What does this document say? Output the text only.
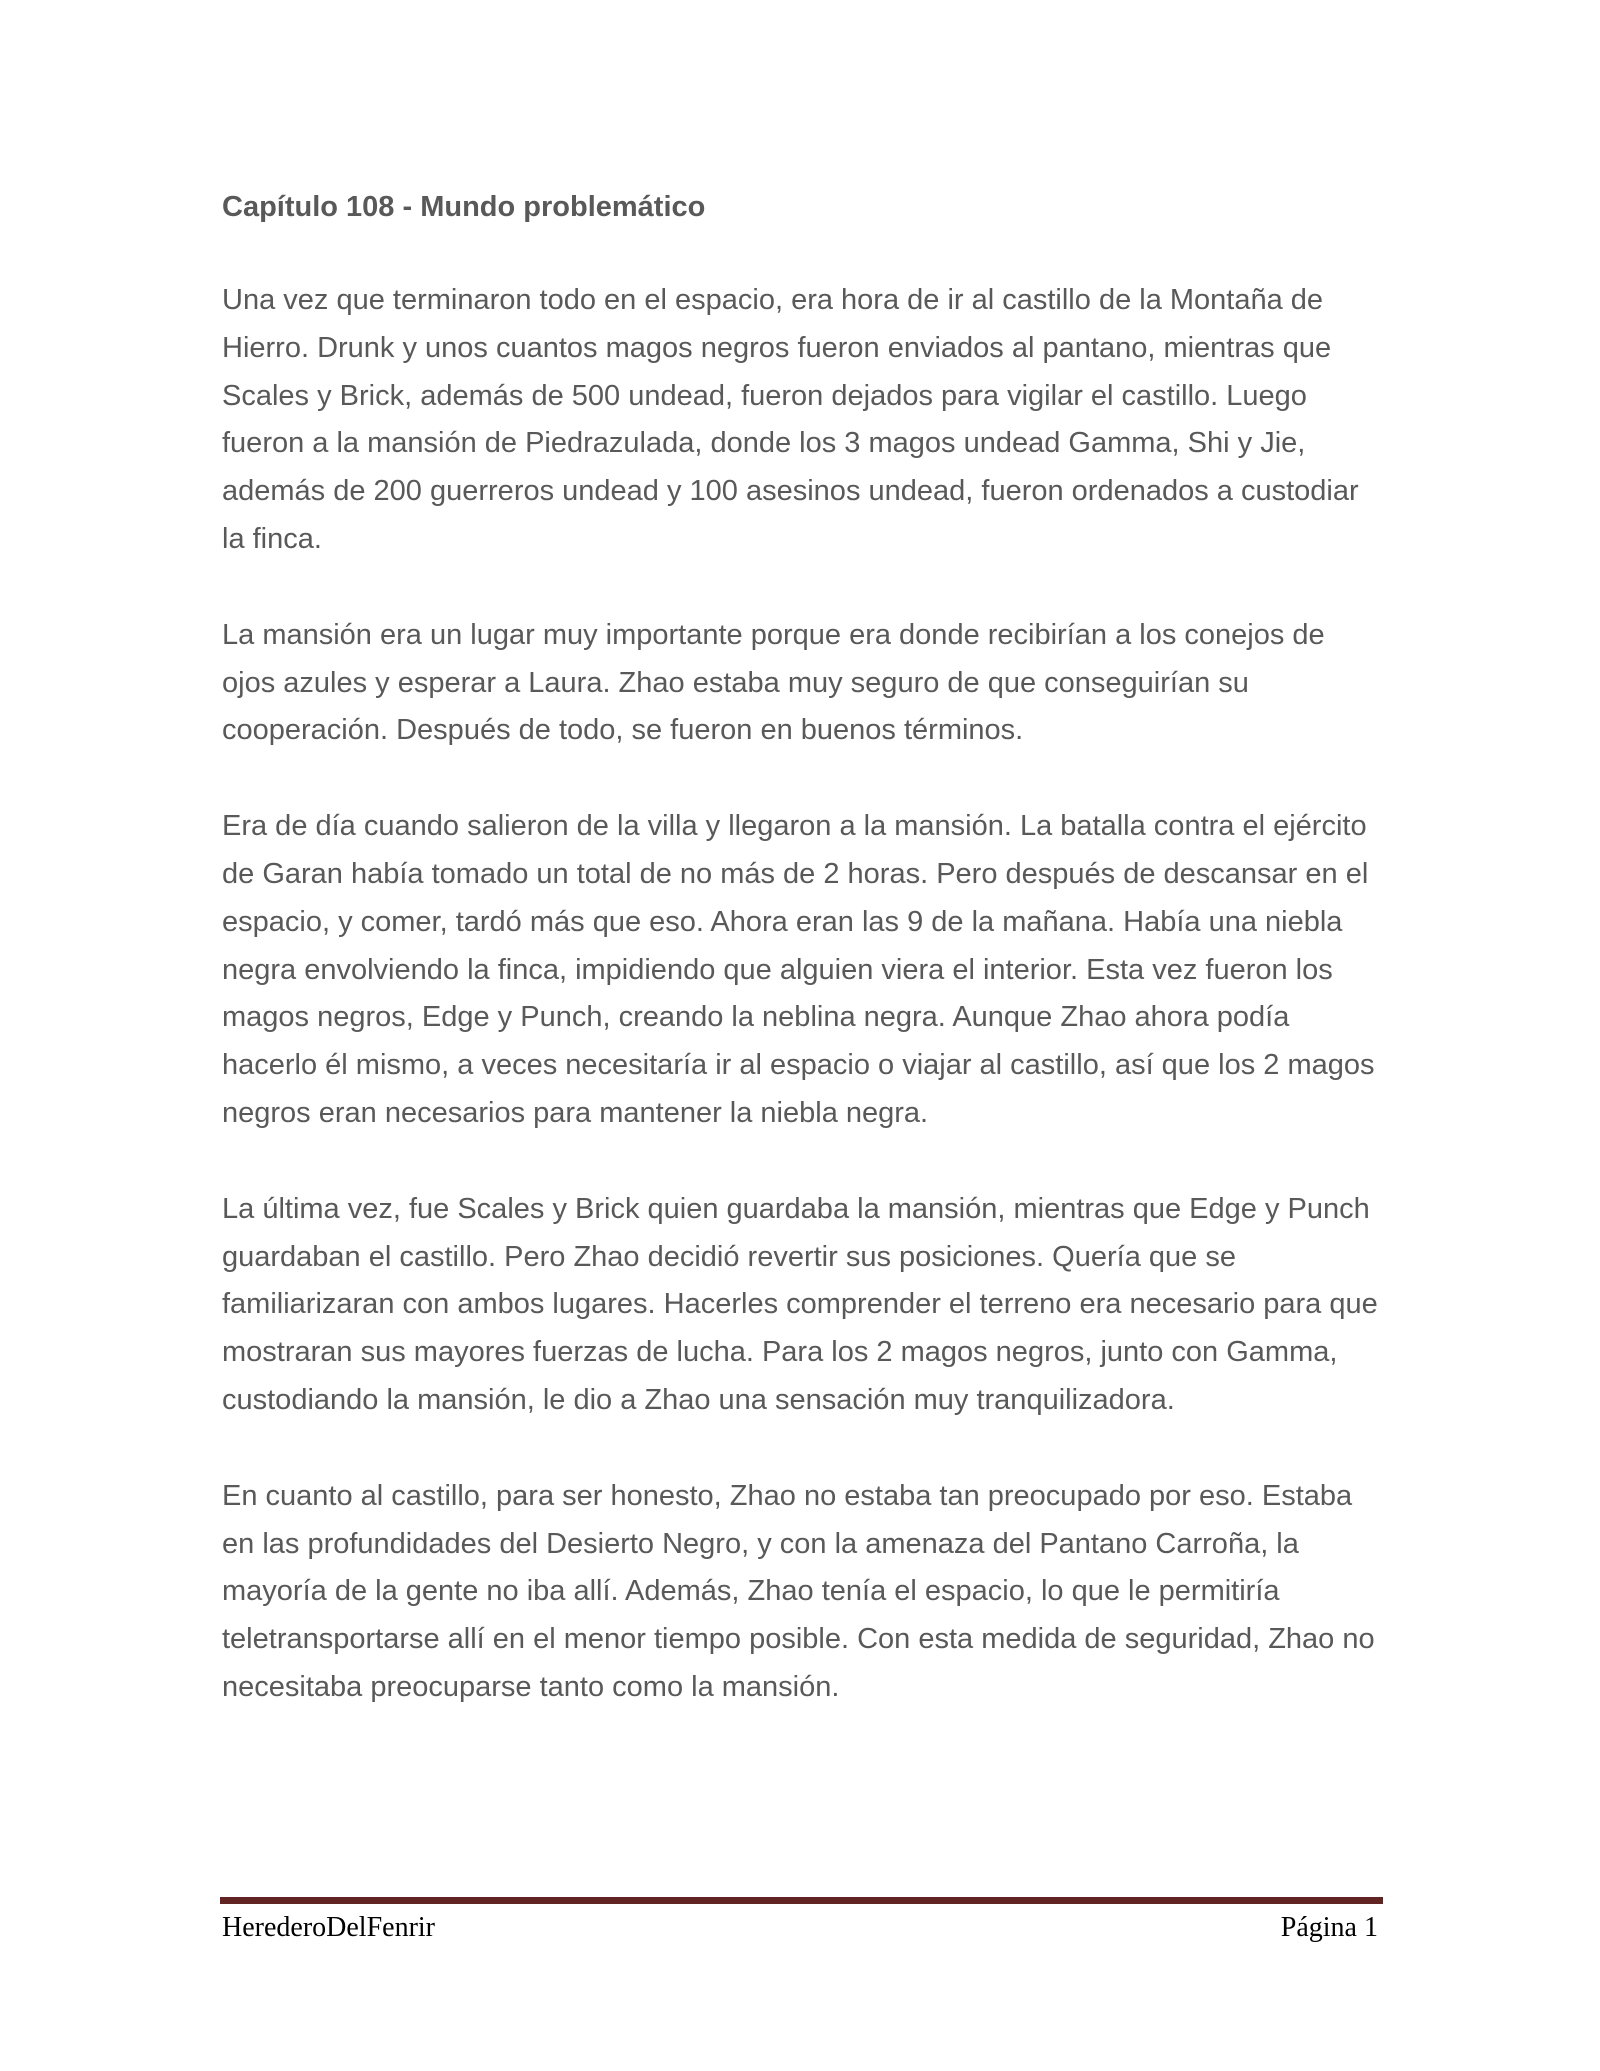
Capítulo 108 - Mundo problemático

Una vez que terminaron todo en el espacio, era hora de ir al castillo de la Montaña de Hierro. Drunk y unos cuantos magos negros fueron enviados al pantano, mientras que Scales y Brick, además de 500 undead, fueron dejados para vigilar el castillo. Luego fueron a la mansión de Piedrazulada, donde los 3 magos undead Gamma, Shi y Jie, además de 200 guerreros undead y 100 asesinos undead, fueron ordenados a custodiar la finca.

La mansión era un lugar muy importante porque era donde recibirían a los conejos de ojos azules y esperar a Laura. Zhao estaba muy seguro de que conseguirían su cooperación. Después de todo, se fueron en buenos términos.

Era de día cuando salieron de la villa y llegaron a la mansión. La batalla contra el ejército de Garan había tomado un total de no más de 2 horas. Pero después de descansar en el espacio, y comer, tardó más que eso. Ahora eran las 9 de la mañana. Había una niebla negra envolviendo la finca, impidiendo que alguien viera el interior. Esta vez fueron los magos negros, Edge y Punch, creando la neblina negra. Aunque Zhao ahora podía hacerlo él mismo, a veces necesitaría ir al espacio o viajar al castillo, así que los 2 magos negros eran necesarios para mantener la niebla negra.

La última vez, fue Scales y Brick quien guardaba la mansión, mientras que Edge y Punch guardaban el castillo. Pero Zhao decidió revertir sus posiciones. Quería que se familiarizaran con ambos lugares. Hacerles comprender el terreno era necesario para que mostraran sus mayores fuerzas de lucha. Para los 2 magos negros, junto con Gamma, custodiando la mansión, le dio a Zhao una sensación muy tranquilizadora.

En cuanto al castillo, para ser honesto, Zhao no estaba tan preocupado por eso. Estaba en las profundidades del Desierto Negro, y con la amenaza del Pantano Carroña, la mayoría de la gente no iba allí. Además, Zhao tenía el espacio, lo que le permitiría teletransportarse allí en el menor tiempo posible. Con esta medida de seguridad, Zhao no necesitaba preocuparse tanto como la mansión.

HerederoDelFenrir	Página 1
